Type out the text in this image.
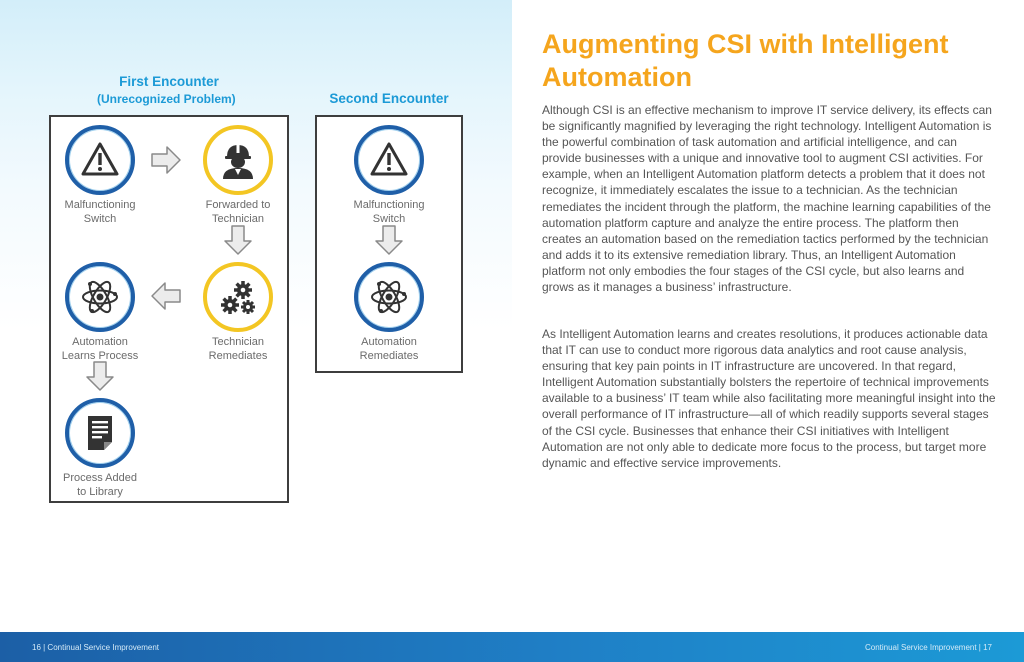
First Encounter
(Unrecognized Problem)	Second Encounter
Malfunctioning
Switch
Forwarded to
Technician
Technician
Remediates
Automation
Learns Process
Process Added
to Library
Malfunctioning
Switch
Automation
Remediates
Augmenting CSI with Intelligent Automation

Although CSI is an effective mechanism to improve IT service delivery, its effects can be significantly magnified by leveraging the right technology. Intelligent Automation is the powerful combination of task automation and artificial intelligence, and can provide businesses with a unique and innovative tool to augment CSI activities. For example, when an Intelligent Automation platform detects a problem that it does not recognize, it immediately escalates the issue to a technician. As the technician remediates the incident through the platform, the machine learning capabilities of the automation platform capture and analyze the entire process. The platform then creates an automation based on the remediation tactics performed by the technician and adds it to its extensive remediation library. Thus, an Intelligent Automation platform not only embodies the four stages of the CSI cycle, but also learns and grows as it manages a business’ infrastructure.

As Intelligent Automation learns and creates resolutions, it produces actionable data that IT can use to conduct more rigorous data analytics and root cause analysis, ensuring that key pain points in IT infrastructure are uncovered. In that regard, Intelligent Automation substantially bolsters the repertoire of technical improvements available to a business’ IT team while also facilitating more meaningful insight into the overall performance of IT infrastructure—all of which readily supports several stages of the CSI cycle. Businesses that enhance their CSI initiatives with Intelligent Automation are not only able to dedicate more focus to the process, but target more dynamic and effective service improvements.

16 | Continual Service Improvement	Continual Service Improvement | 17
